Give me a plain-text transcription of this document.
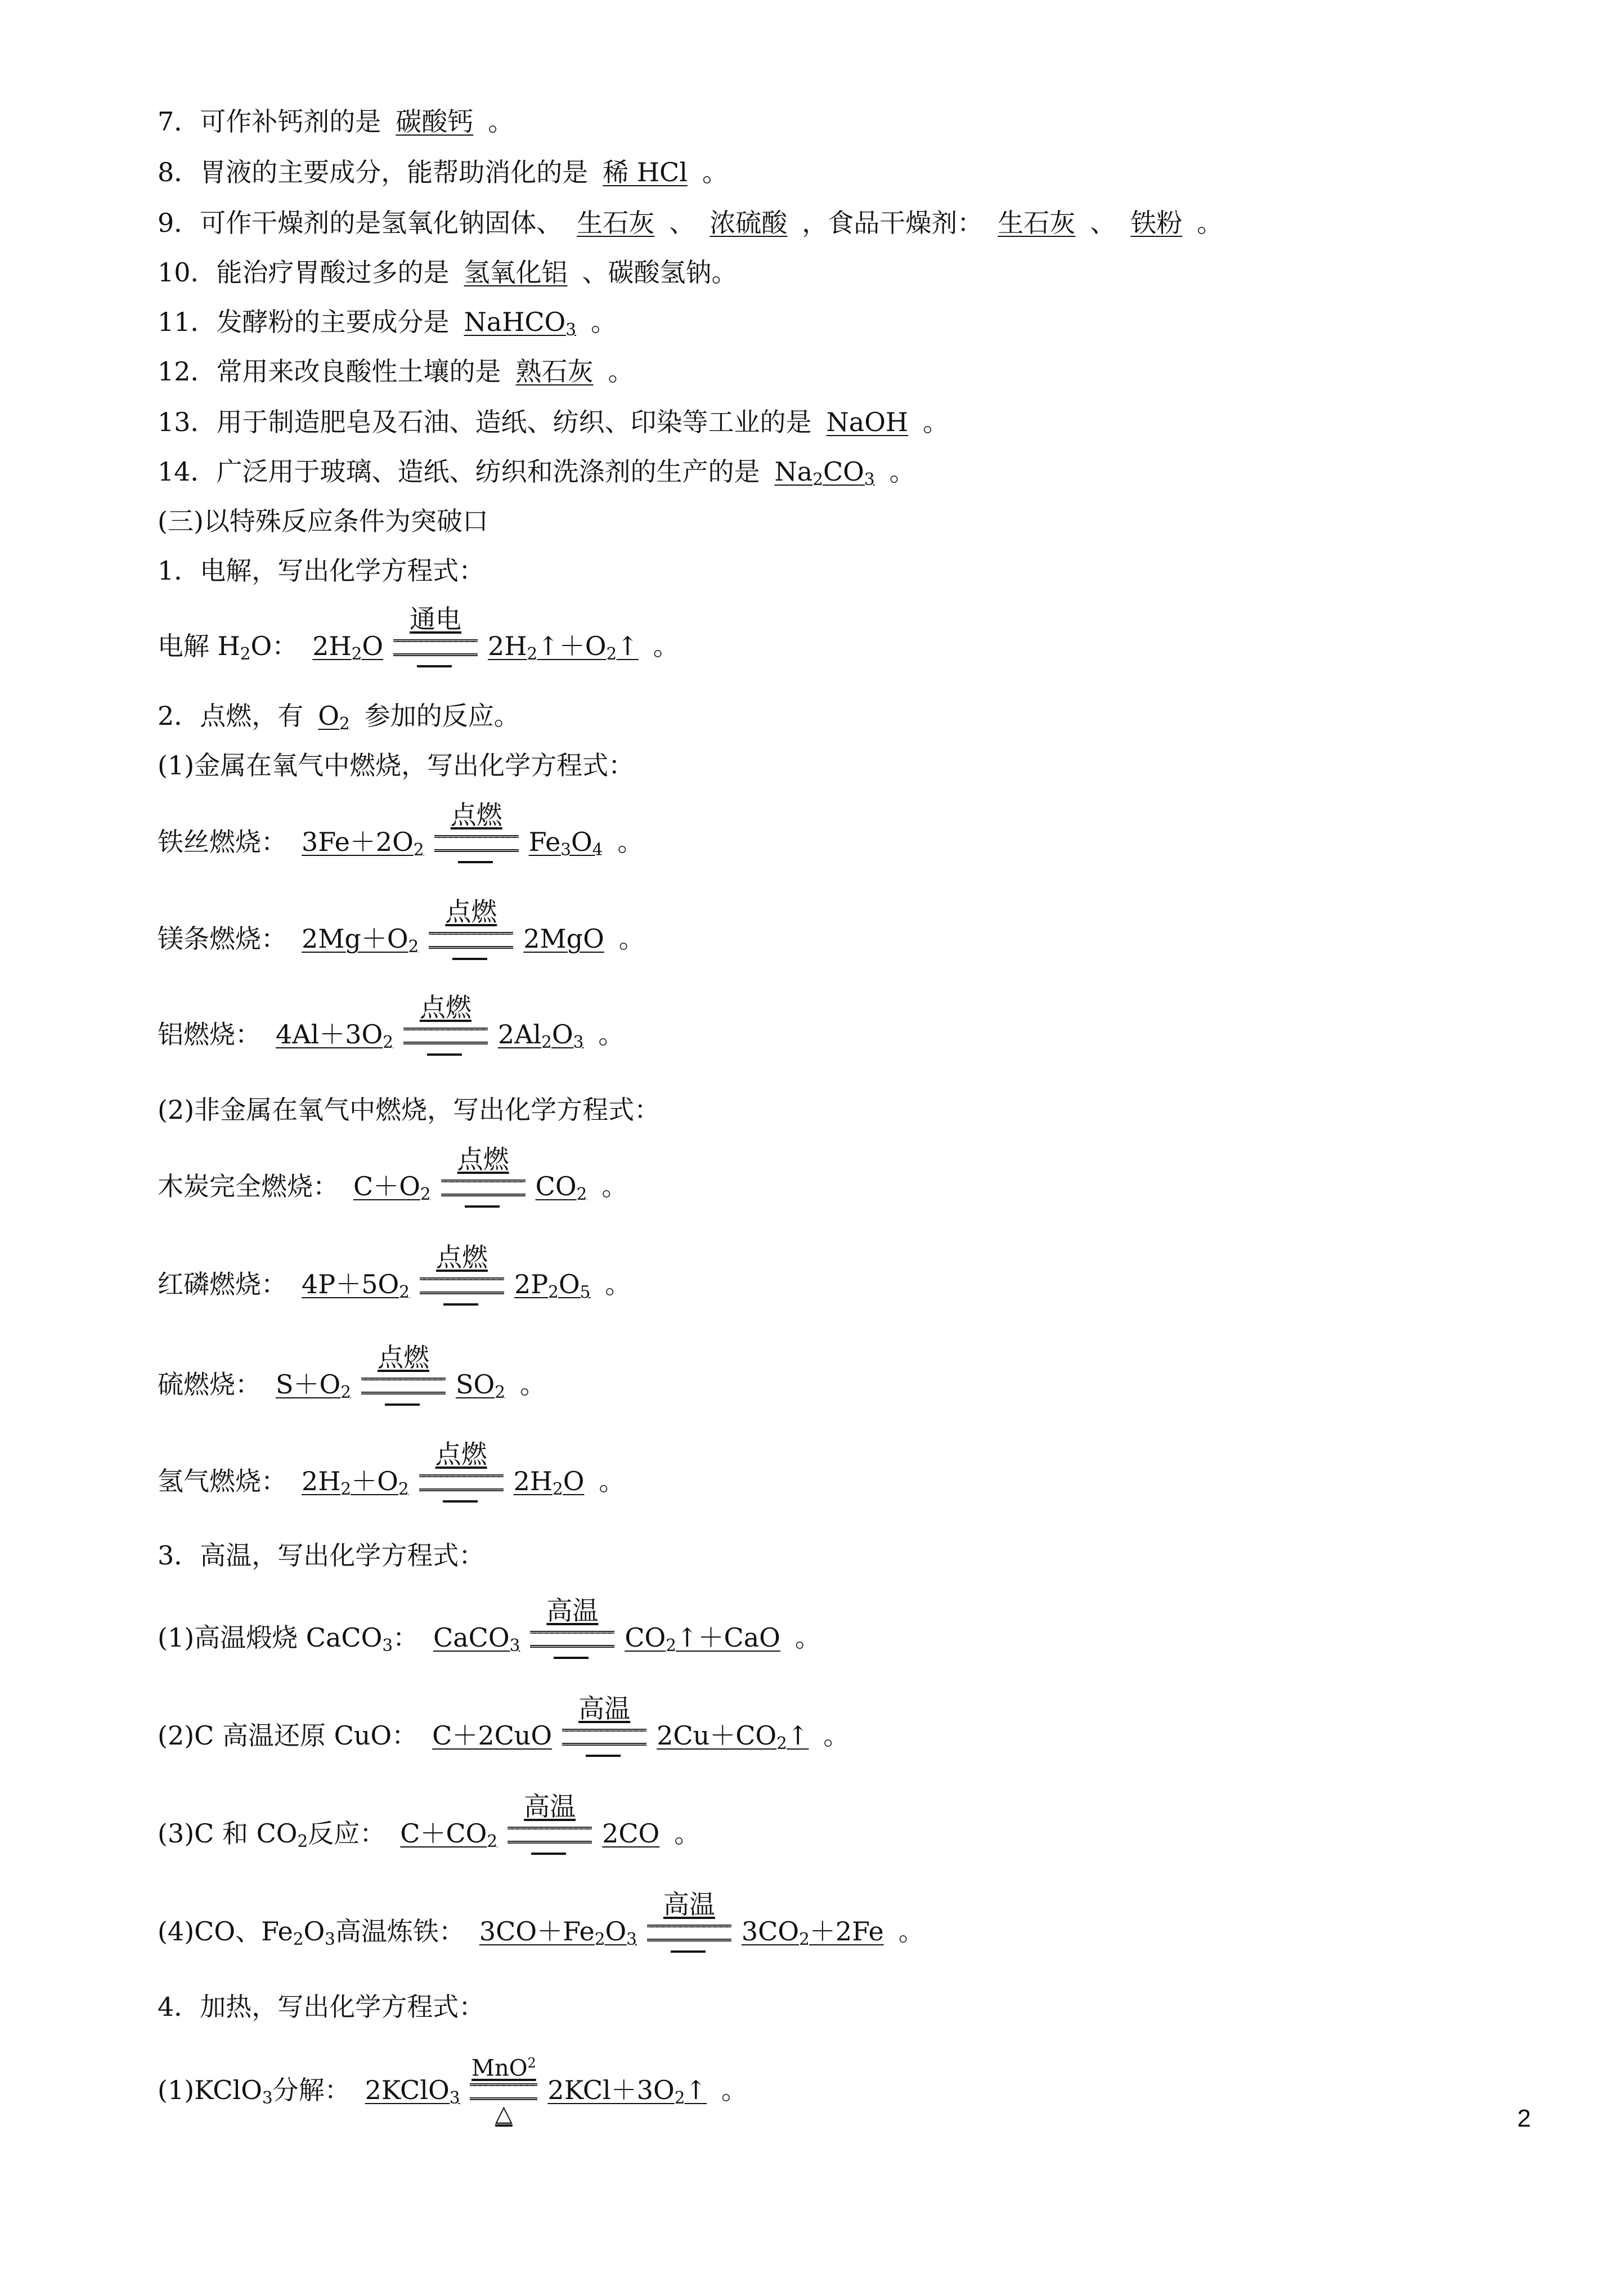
7．可作补钙剂的是 碳酸钙 。
8．胃液的主要成分，能帮助消化的是 稀 HCl 。
9．可作干燥剂的是氢氧化钠固体、 生石灰 、 浓硫酸 ，食品干燥剂： 生石灰 、 铁粉 。
10．能治疗胃酸过多的是 氢氧化铝 、碳酸氢钠。
11．发酵粉的主要成分是 NaHCO3 。
12．常用来改良酸性土壤的是 熟石灰 。
13．用于制造肥皂及石油、造纸、纺织、印染等工业的是 NaOH 。
14．广泛用于玻璃、造纸、纺织和洗涤剂的生产的是 Na2CO3 。
(三)以特殊反应条件为突破口
1．电解，写出化学方程式：
电解 H2O： 2H2O
通电
2H2↑＋O2↑ 。
2．点燃，有 O2 参加的反应。
(1)金属在氧气中燃烧，写出化学方程式：
铁丝燃烧： 3Fe＋2O2
点燃
Fe3O4 。
镁条燃烧： 2Mg＋O2
点燃
2MgO 。
铝燃烧： 4Al＋3O2
点燃
2Al2O3 。
(2)非金属在氧气中燃烧，写出化学方程式：
木炭完全燃烧： C＋O2
点燃
CO2 。
红磷燃烧： 4P＋5O2
点燃
2P2O5 。
硫燃烧： S＋O2
点燃
SO2 。
氢气燃烧： 2H2＋O2
点燃
2H2O 。
3．高温，写出化学方程式：
(1)高温煅烧 CaCO3： CaCO3
高温
CO2↑＋CaO 。
(2)C 高温还原 CuO： C＋2CuO
高温
2Cu＋CO2↑ 。
(3)C 和 CO2反应： C＋CO2
高温
2CO 。
(4)CO、Fe2O3高温炼铁： 3CO＋Fe2O3
高温
3CO2＋2Fe 。
4．加热，写出化学方程式：
(1)KClO3分解： 2KClO3
MnO$^2$
△
2KCl＋3O2↑ 。
2
